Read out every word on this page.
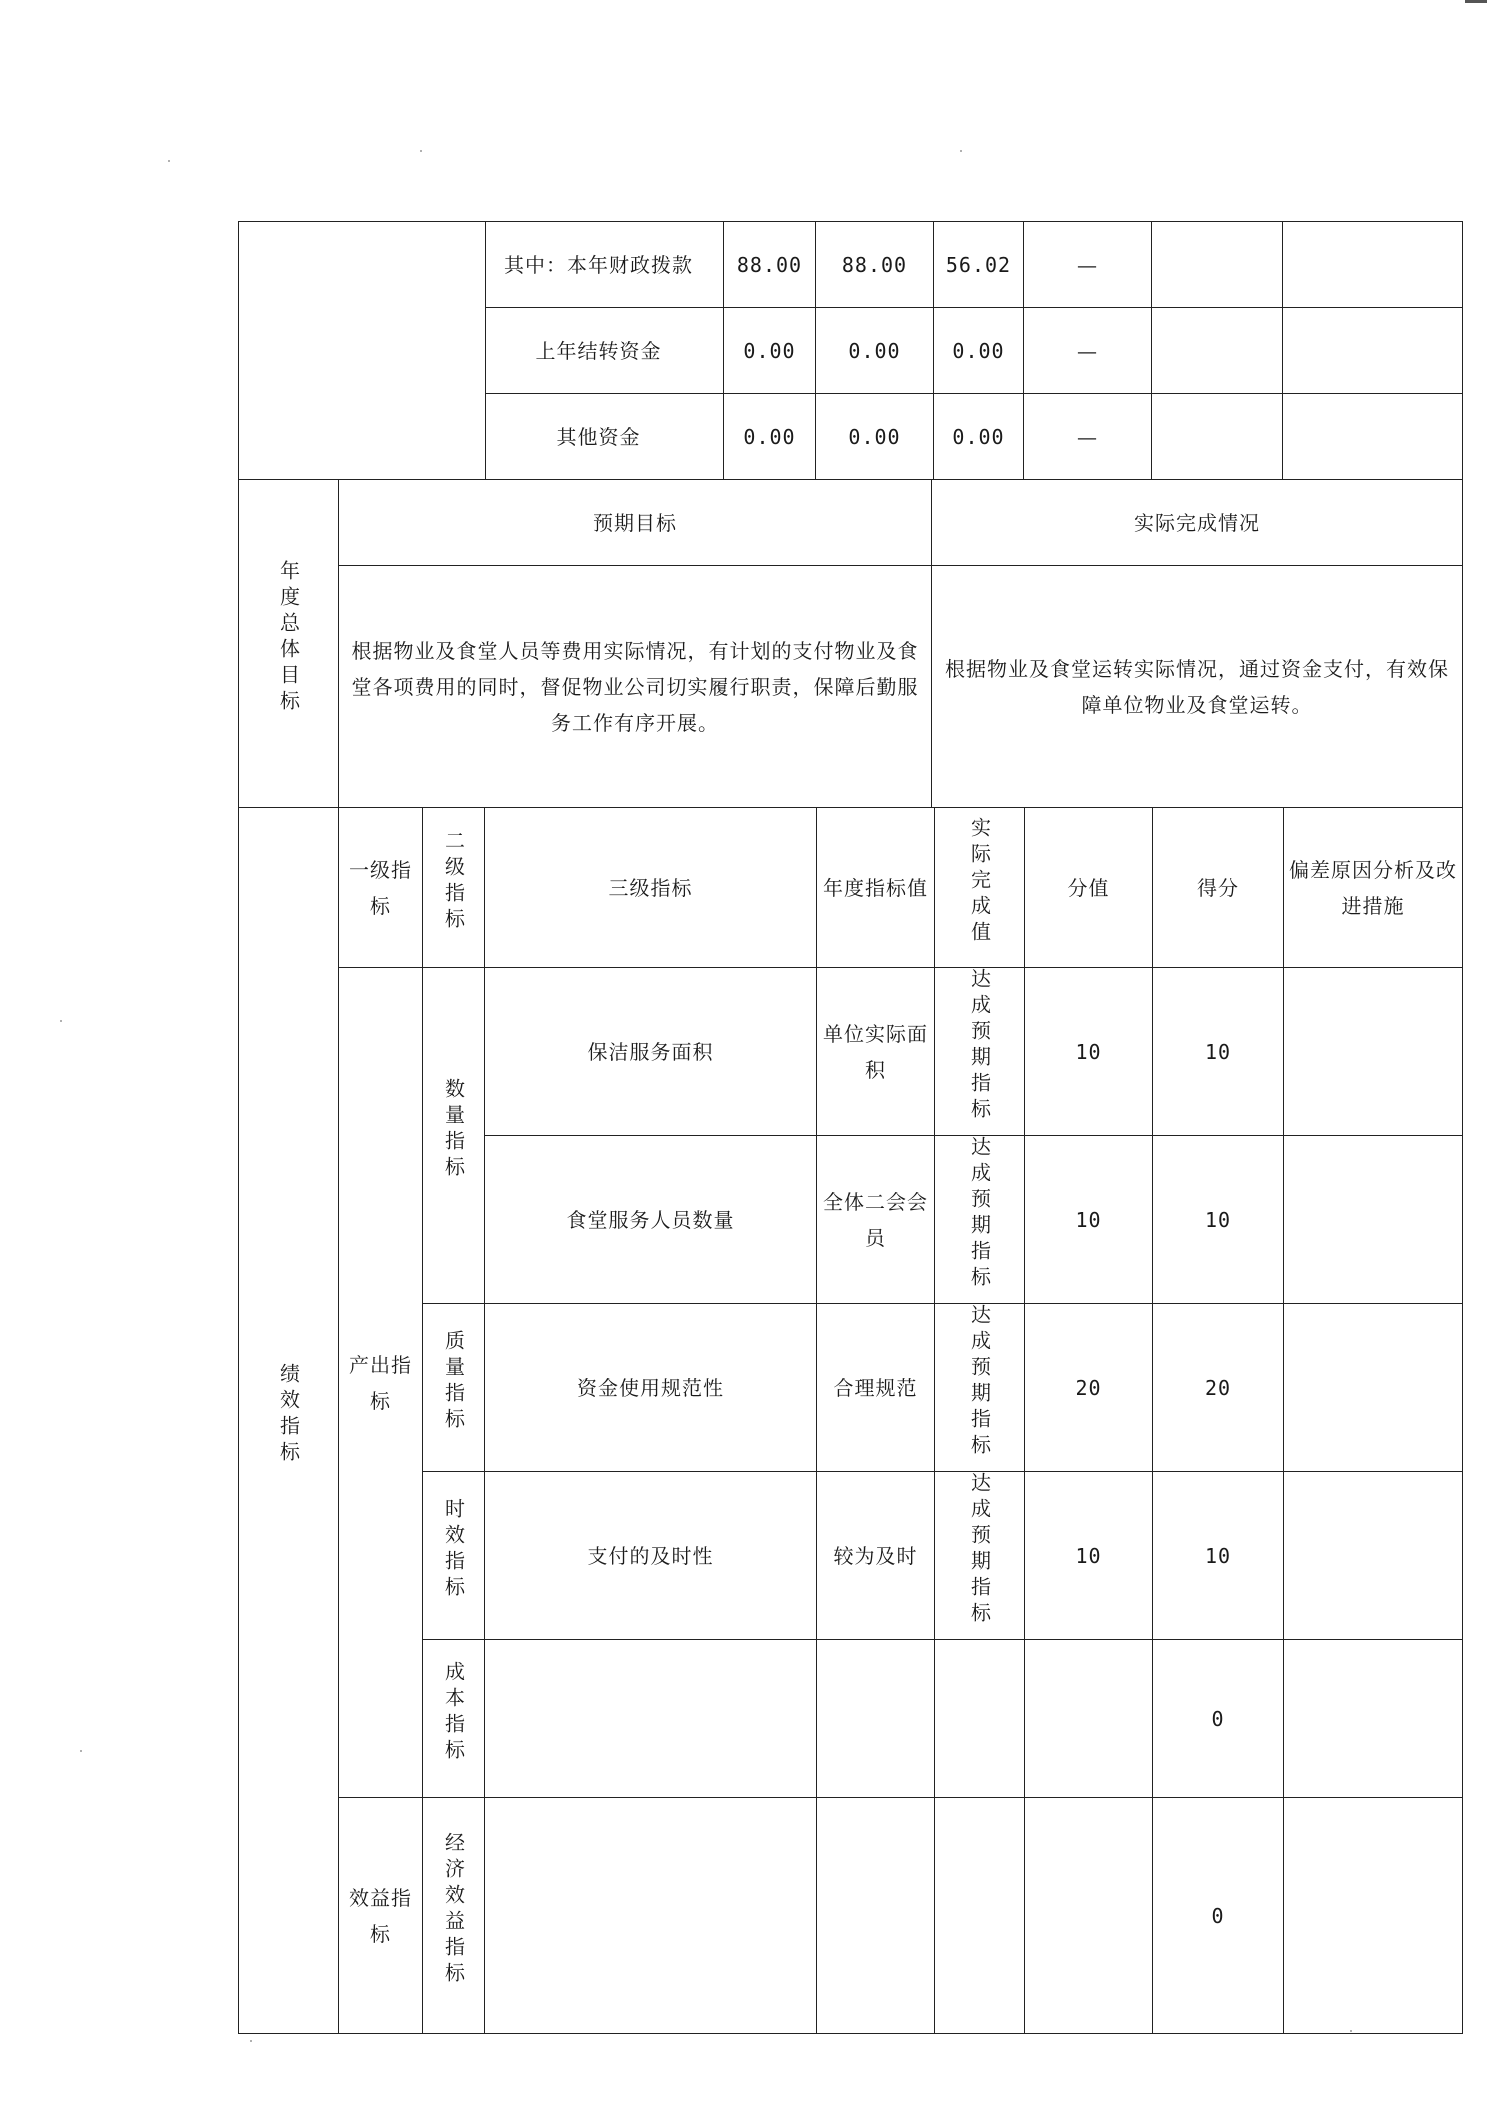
	其中：本年财政拨款	88.00	88.00	56.02	—		
	上年结转资金	0.00	0.00	0.00	—		
	其他资金	0.00	0.00	0.00	—		
年度总体目标	预期目标	实际完成情况
	根据物业及食堂人员等费用实际情况，有计划的支付物业及食堂各项费用的同时，督促物业公司切实履行职责，保障后勤服务工作有序开展。	根据物业及食堂运转实际情况，通过资金支付，有效保障单位物业及食堂运转。
绩效指标	一级指标	二级指标	三级指标	年度指标值	实际完成值	分值	得分	偏差原因分析及改进措施
	产出指标	数量指标	保洁服务面积	单位实际面积	达成预期指标	10	10	
			食堂服务人员数量	全体二会会员	达成预期指标	10	10	
		质量指标	资金使用规范性	合理规范	达成预期指标	20	20	
		时效指标	支付的及时性	较为及时	达成预期指标	10	10	
		成本指标					0	
	效益指标	经济效益指标					0	
